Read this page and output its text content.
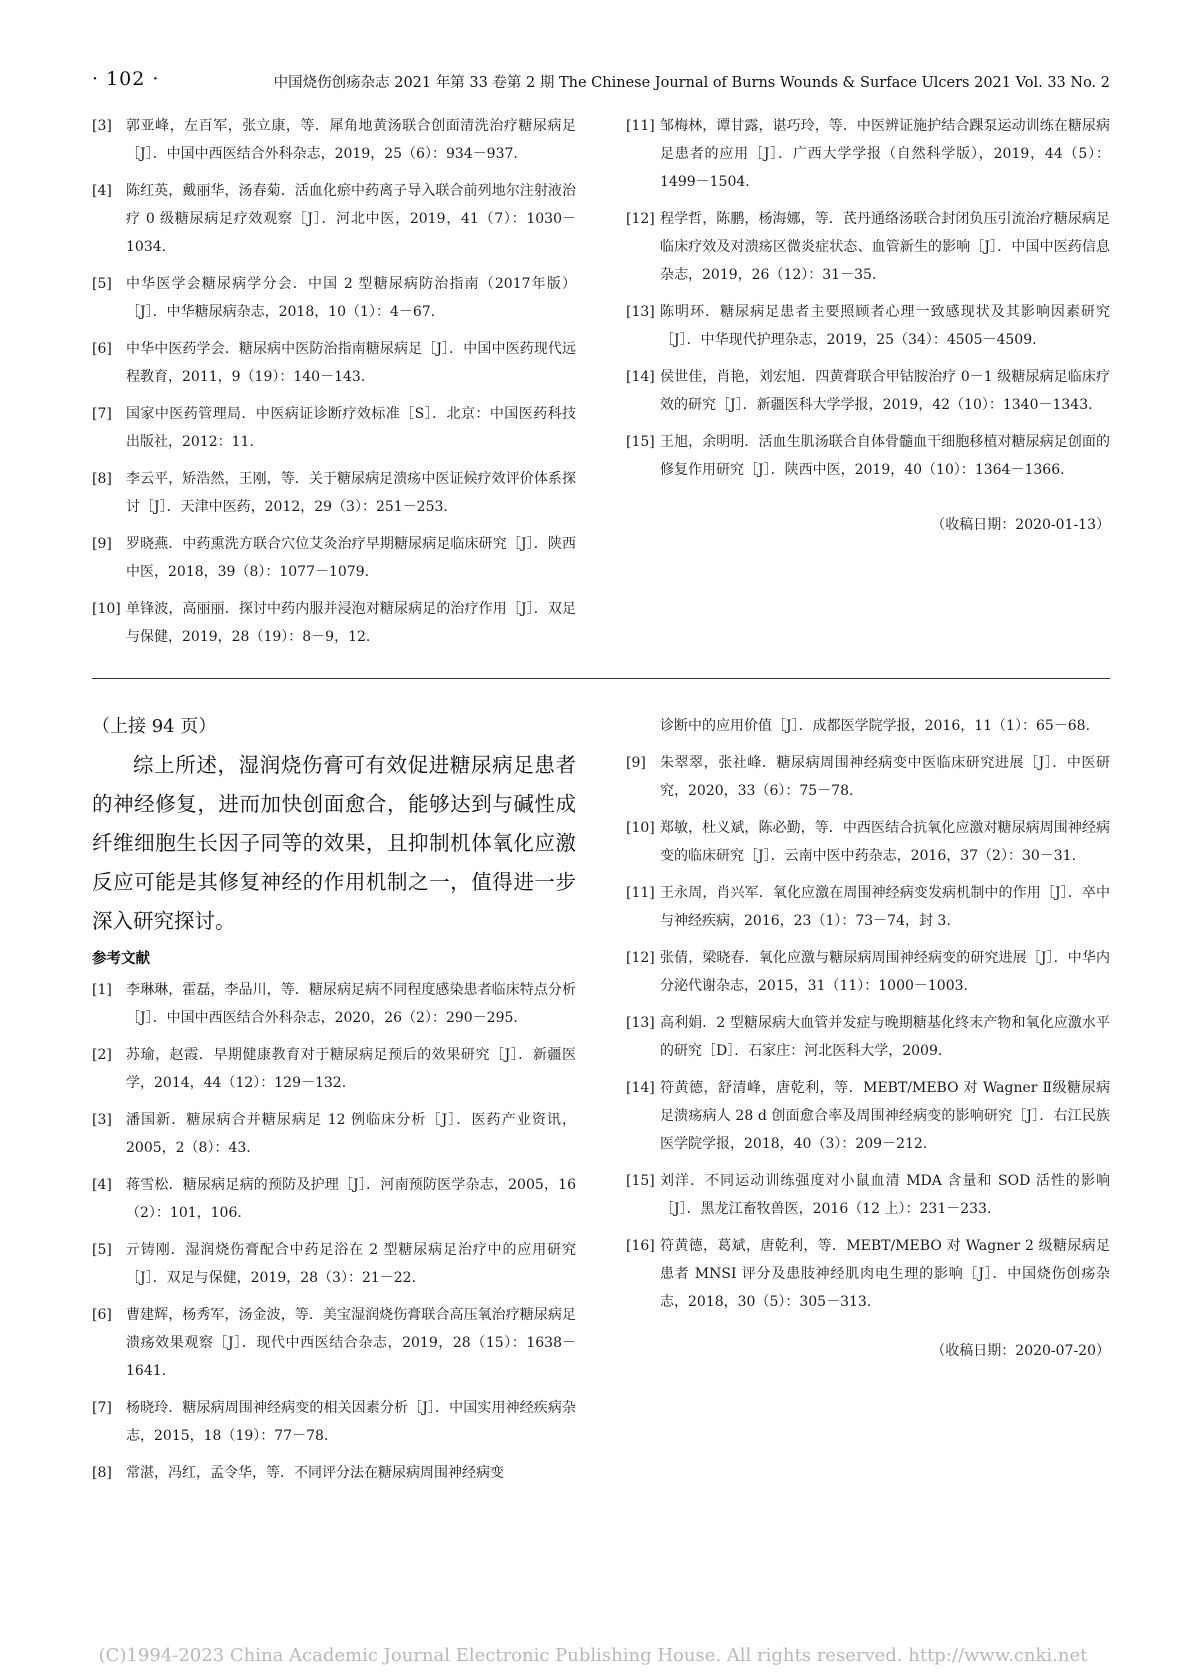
· 102 ·	中国烧伤创疡杂志 2021 年第 33 卷第 2 期 The Chinese Journal of Burns Wounds & Surface Ulcers 2021 Vol. 33 No. 2
[3] 郭亚峰，左百军，张立康，等．犀角地黄汤联合创面清洗治疗糖尿病足［J］．中国中西医结合外科杂志，2019，25（6）：934－937.
[4] 陈红英，戴丽华，汤春菊．活血化瘀中药离子导入联合前列地尔注射液治疗 0 级糖尿病足疗效观察［J］．河北中医，2019，41（7）：1030－1034.
[5] 中华医学会糖尿病学分会．中国 2 型糖尿病防治指南（2017年版）［J］．中华糖尿病杂志，2018，10（1）：4－67.
[6] 中华中医药学会．糖尿病中医防治指南糖尿病足［J］．中国中医药现代远程教育，2011，9（19）：140－143.
[7] 国家中医药管理局．中医病证诊断疗效标准［S］．北京：中国医药科技出版社，2012：11.
[8] 李云平，矫浩然，王刚，等．关于糖尿病足溃疡中医证候疗效评价体系探讨［J］．天津中医药，2012，29（3）：251－253.
[9] 罗晓燕．中药熏洗方联合穴位艾灸治疗早期糖尿病足临床研究［J］．陕西中医，2018，39（8）：1077－1079.
[10] 单锋波，高丽丽．探讨中药内服并浸泡对糖尿病足的治疗作用［J］．双足与保健，2019，28（19）：8－9，12.
[11] 邹梅林，谭甘露，谌巧玲，等．中医辨证施护结合踝泵运动训练在糖尿病足患者的应用［J］．广西大学学报（自然科学版），2019，44（5）：1499－1504.
[12] 程学哲，陈鹏，杨海娜，等．芪丹通络汤联合封闭负压引流治疗糖尿病足临床疗效及对溃疡区微炎症状态、血管新生的影响［J］．中国中医药信息杂志，2019，26（12）：31－35.
[13] 陈明环．糖尿病足患者主要照顾者心理一致感现状及其影响因素研究［J］．中华现代护理杂志，2019，25（34）：4505－4509.
[14] 侯世佳，肖艳，刘宏旭．四黄膏联合甲钴胺治疗 0－1 级糖尿病足临床疗效的研究［J］．新疆医科大学学报，2019，42（10）：1340－1343.
[15] 王旭，余明明．活血生肌汤联合自体骨髓血干细胞移植对糖尿病足创面的修复作用研究［J］．陕西中医，2019，40（10）：1364－1366.
（收稿日期：2020-01-13）
（上接 94 页）
综上所述，湿润烧伤膏可有效促进糖尿病足患者的神经修复，进而加快创面愈合，能够达到与碱性成纤维细胞生长因子同等的效果，且抑制机体氧化应激反应可能是其修复神经的作用机制之一，值得进一步深入研究探讨。
参考文献
[1] 李琳琳，霍磊，李品川，等．糖尿病足病不同程度感染患者临床特点分析［J］．中国中西医结合外科杂志，2020，26（2）：290－295.
[2] 苏瑜，赵霞．早期健康教育对于糖尿病足预后的效果研究［J］．新疆医学，2014，44（12）：129－132.
[3] 潘国新．糖尿病合并糖尿病足 12 例临床分析［J］．医药产业资讯，2005，2（8）：43.
[4] 蒋雪松．糖尿病足病的预防及护理［J］．河南预防医学杂志，2005，16（2）：101，106.
[5] 亓铸刚．湿润烧伤膏配合中药足浴在 2 型糖尿病足治疗中的应用研究［J］．双足与保健，2019，28（3）：21－22.
[6] 曹建辉，杨秀军，汤金波，等．美宝湿润烧伤膏联合高压氧治疗糖尿病足溃疡效果观察［J］．现代中西医结合杂志，2019，28（15）：1638－1641.
[7] 杨晓玲．糖尿病周围神经病变的相关因素分析［J］．中国实用神经疾病杂志，2015，18（19）：77－78.
[8] 常湛，冯红，孟令华，等．不同评分法在糖尿病周围神经病变
诊断中的应用价值［J］．成都医学院学报，2016，11（1）：65－68.
[9] 朱翠翠，张社峰．糖尿病周围神经病变中医临床研究进展［J］．中医研究，2020，33（6）：75－78.
[10] 郑敏，杜义斌，陈必勤，等．中西医结合抗氧化应激对糖尿病周围神经病变的临床研究［J］．云南中医中药杂志，2016，37（2）：30－31.
[11] 王永周，肖兴军．氧化应激在周围神经病变发病机制中的作用［J］．卒中与神经疾病，2016，23（1）：73－74，封 3.
[12] 张倩，梁晓春．氧化应激与糖尿病周围神经病变的研究进展［J］．中华内分泌代谢杂志，2015，31（11）：1000－1003.
[13] 高利娟．2 型糖尿病大血管并发症与晚期糖基化终末产物和氧化应激水平的研究［D］．石家庄：河北医科大学，2009.
[14] 符黄德，舒清峰，唐乾利，等．MEBT/MEBO 对 Wagner Ⅱ级糖尿病足溃疡病人 28 d 创面愈合率及周围神经病变的影响研究［J］．右江民族医学院学报，2018，40（3）：209－212.
[15] 刘洋．不同运动训练强度对小鼠血清 MDA 含量和 SOD 活性的影响［J］．黑龙江畜牧兽医，2016（12 上）：231－233.
[16] 符黄德，葛斌，唐乾利，等．MEBT/MEBO 对 Wagner 2 级糖尿病足患者 MNSI 评分及患肢神经肌肉电生理的影响［J］．中国烧伤创疡杂志，2018，30（5）：305－313.
（收稿日期：2020-07-20）
(C)1994-2023 China Academic Journal Electronic Publishing House. All rights reserved. http://www.cnki.net
